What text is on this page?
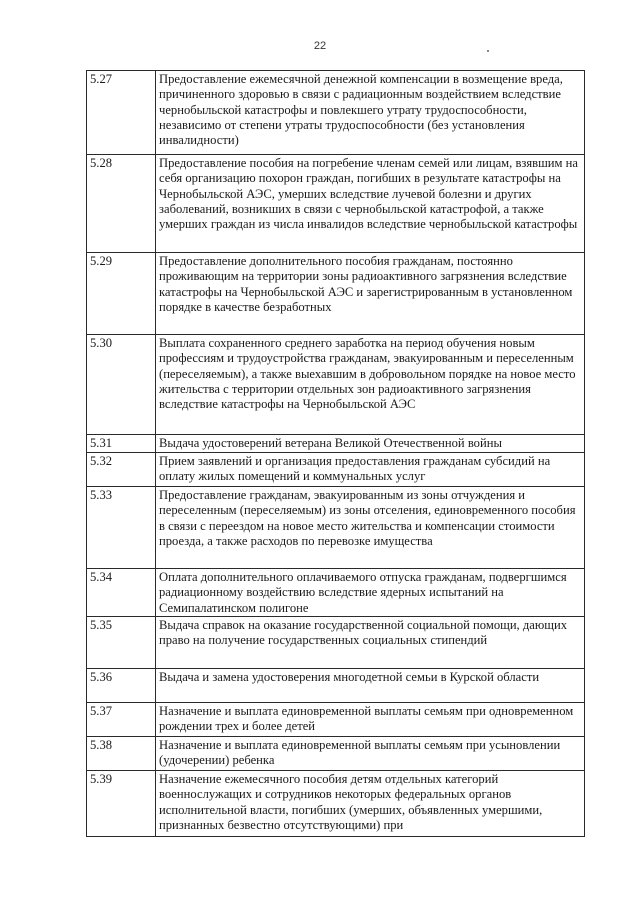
22
5.27	Предоставление ежемесячной денежной компенсации в возмещение вреда, причиненного здоровью в связи с радиационным воздействием вследствие чернобыльской катастрофы и повлекшего утрату трудоспособности, независимо от степени утраты трудоспособности (без установления инвалидности)
5.28	Предоставление пособия на погребение членам семей или лицам, взявшим на себя организацию похорон граждан, погибших в результате катастрофы на Чернобыльской АЭС, умерших вследствие лучевой болезни и других заболеваний, возникших в связи с чернобыльской катастрофой, а также умерших граждан из числа инвалидов вследствие чернобыльской катастрофы
5.29	Предоставление дополнительного пособия гражданам, постоянно проживающим на территории зоны радиоактивного загрязнения вследствие катастрофы на Чернобыльской АЭС и зарегистрированным в установленном порядке в качестве безработных
5.30	Выплата сохраненного среднего заработка на период обучения новым профессиям и трудоустройства гражданам, эвакуированным и переселенным (переселяемым), а также выехавшим в добровольном порядке на новое место жительства с территории отдельных зон радиоактивного загрязнения вследствие катастрофы на Чернобыльской АЭС
5.31	Выдача удостоверений ветерана Великой Отечественной войны
5.32	Прием заявлений и организация предоставления гражданам субсидий на оплату жилых помещений и коммунальных услуг
5.33	Предоставление гражданам, эвакуированным из зоны отчуждения и переселенным (переселяемым) из зоны отселения, единовременного пособия в связи с переездом на новое место жительства и компенсации стоимости проезда, а также расходов по перевозке имущества
5.34	Оплата дополнительного оплачиваемого отпуска гражданам, подвергшимся радиационному воздействию вследствие ядерных испытаний на Семипалатинском полигоне
5.35	Выдача справок на оказание государственной социальной помощи, дающих право на получение государственных социальных стипендий
5.36	Выдача и замена удостоверения многодетной семьи в Курской области
5.37	Назначение и выплата единовременной выплаты семьям при одновременном рождении трех и более детей
5.38	Назначение и выплата единовременной выплаты семьям при усыновлении (удочерении) ребенка
5.39	Назначение ежемесячного пособия детям отдельных категорий военнослужащих и сотрудников некоторых федеральных органов исполнительной власти, погибших (умерших, объявленных умершими, признанных безвестно отсутствующими) при
